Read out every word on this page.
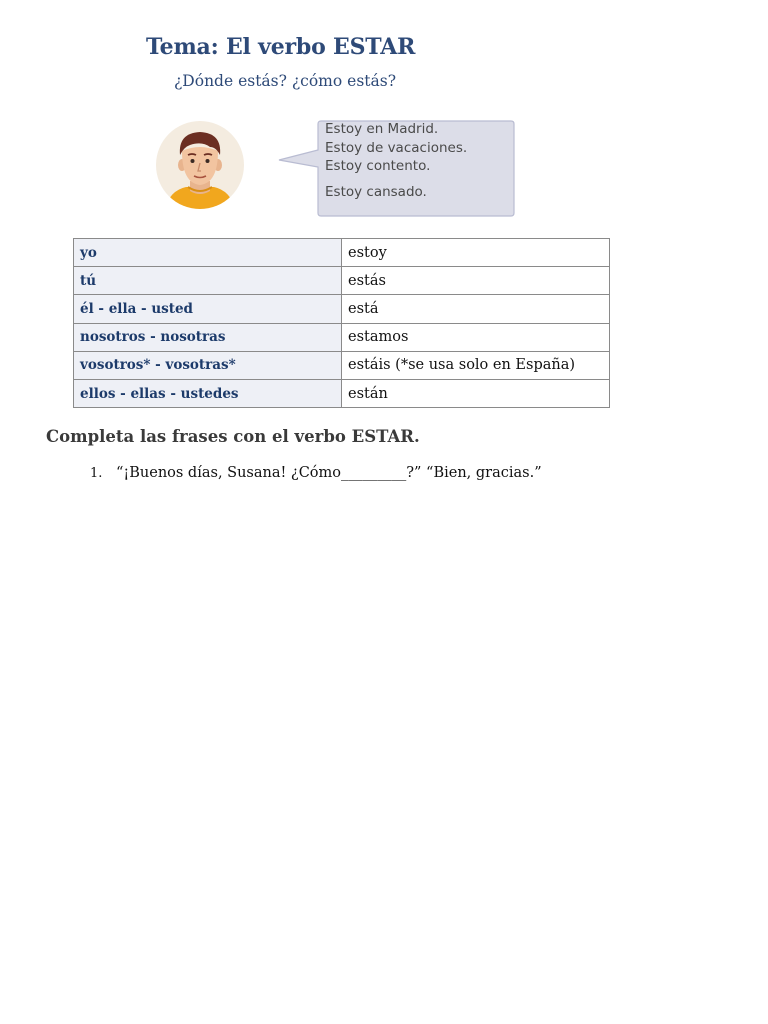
Tema: El verbo ESTAR
¿Dónde estás? ¿cómo estás?
Estoy en Madrid.
Estoy de vacaciones.
Estoy contento.
Estoy cansado.
yo	estoy
tú	estás
él - ella - usted	está
nosotros - nosotras	estamos
vosotros* - vosotras*	estáis (*se usa solo en España)
ellos - ellas - ustedes	están
Completa las frases con el verbo ESTAR.
1. “¡Buenos días, Susana! ¿Cómo_________?” “Bien, gracias.”
